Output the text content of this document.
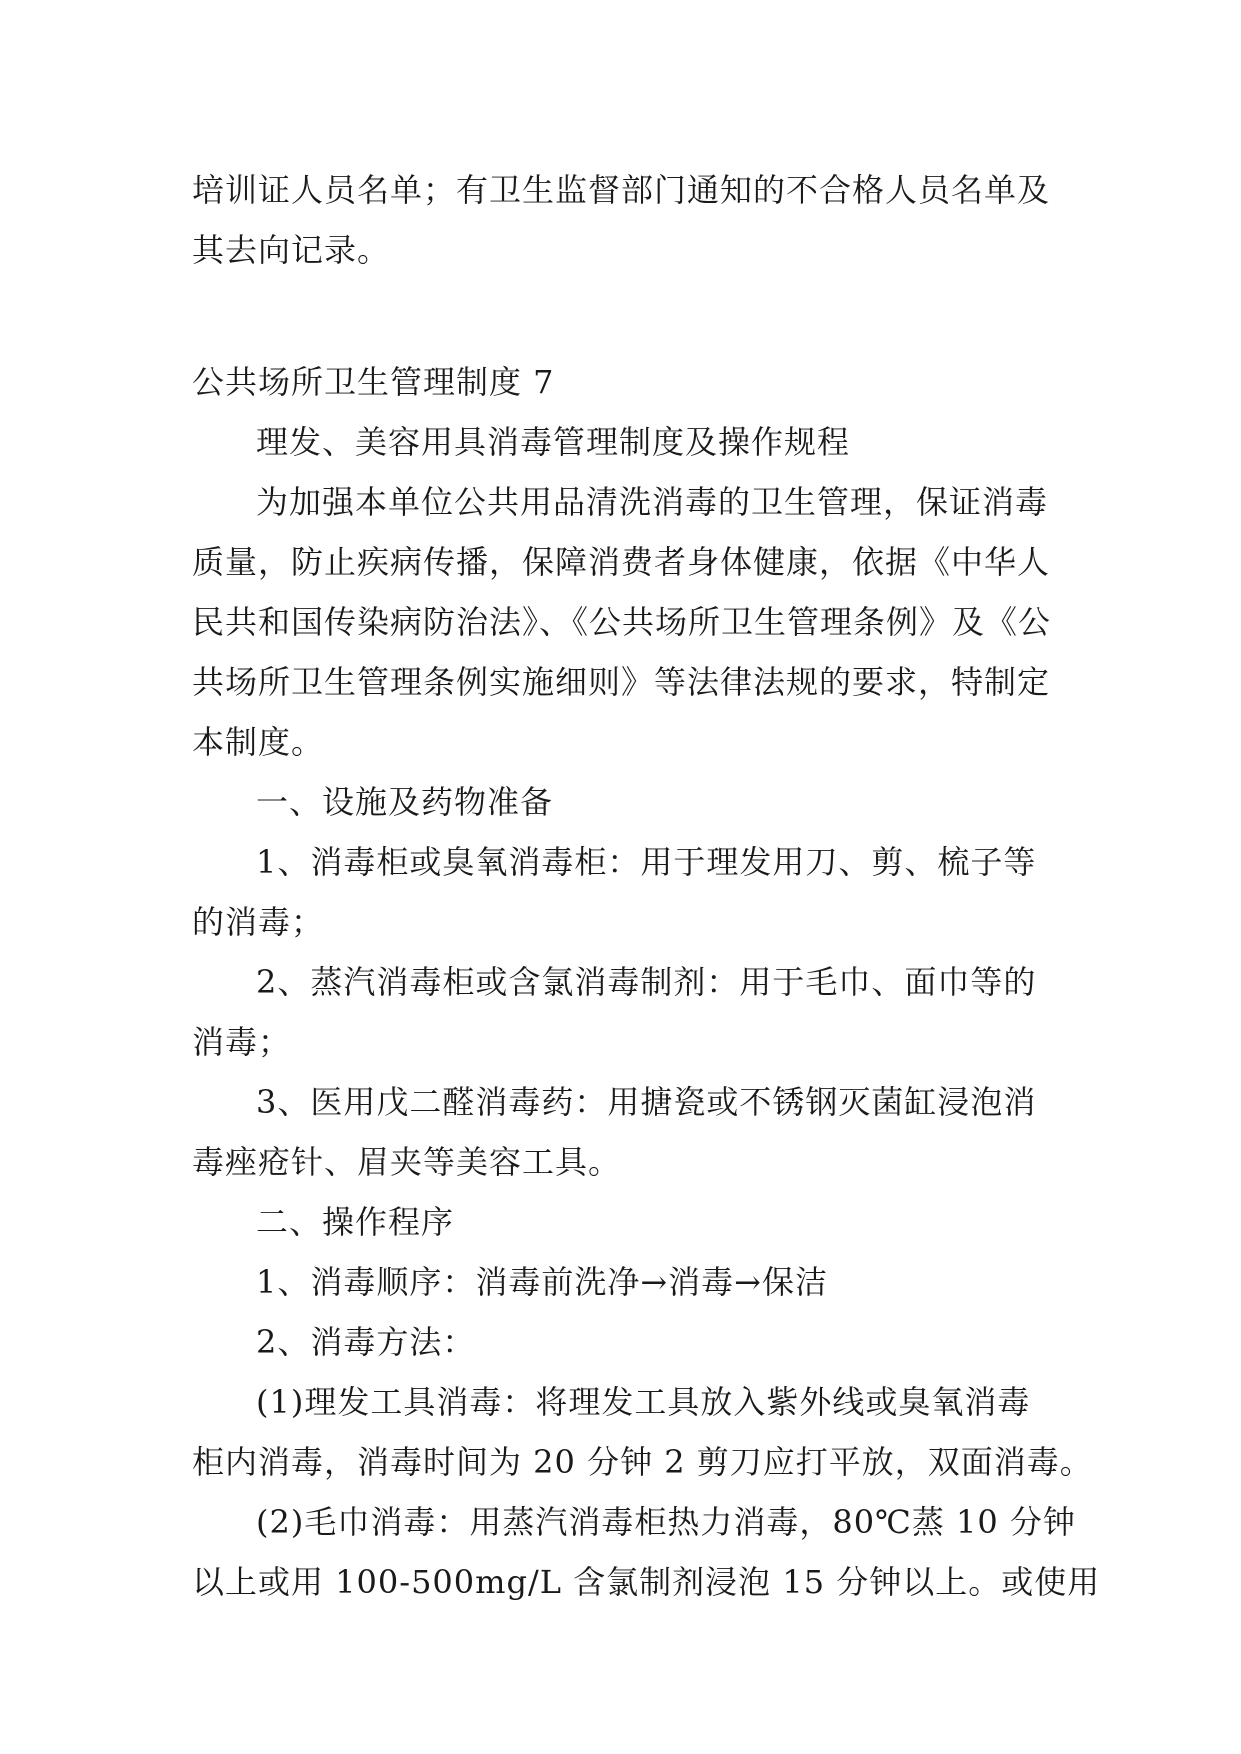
培训证人员名单；有卫生监督部门通知的不合格人员名单及

其去向记录。

公共场所卫生管理制度 7

理发、美容用具消毒管理制度及操作规程

为加强本单位公共用品清洗消毒的卫生管理，保证消毒

质量，防止疾病传播，保障消费者身体健康，依据《中华人

民共和国传染病防治法》、《公共场所卫生管理条例》及《公

共场所卫生管理条例实施细则》等法律法规的要求，特制定

本制度。

一、设施及药物准备

1、消毒柜或臭氧消毒柜：用于理发用刀、剪、梳子等

的消毒；

2、蒸汽消毒柜或含氯消毒制剂：用于毛巾、面巾等的

消毒；

3、医用戊二醛消毒药：用搪瓷或不锈钢灭菌缸浸泡消

毒痤疮针、眉夹等美容工具。

二、操作程序

1、消毒顺序：消毒前洗净→消毒→保洁

2、消毒方法：

(1)理发工具消毒：将理发工具放入紫外线或臭氧消毒

柜内消毒，消毒时间为 20 分钟 2 剪刀应打平放，双面消毒。

(2)毛巾消毒：用蒸汽消毒柜热力消毒，80℃蒸 10 分钟

以上或用 100-500mg/L 含氯制剂浸泡 15 分钟以上。或使用
